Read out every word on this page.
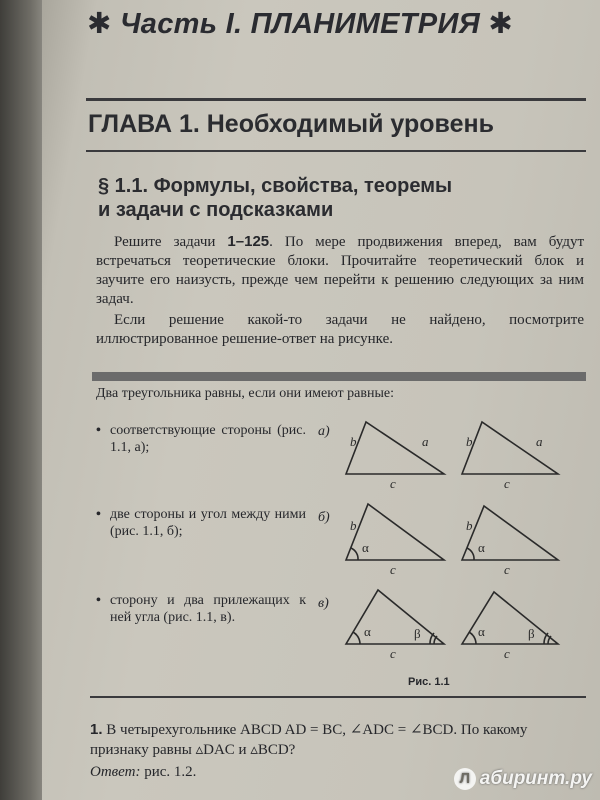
✱ Часть I. ПЛАНИМЕТРИЯ ✱
ГЛАВА 1. Необходимый уровень
§ 1.1. Формулы, свойства, теоремы
и задачи с подсказками
Решите задачи 1–125. По мере продвижения вперед, вам будут встречаться теоретические блоки. Прочитайте теоретический блок и заучите его наизусть, прежде чем перейти к решению следующих за ним задач.
Если решение какой-то задачи не найдено, посмотрите иллюстрированное решение-ответ на рисунке.
Два треугольника равны, если они имеют равные:
• соответствующие стороны (рис. 1.1, а);
• две стороны и угол между ними (рис. 1.1, б);
• сторону и два прилежащих к ней угла (рис. 1.1, в).
а)
б)
в)
b	a
c
b	a
c
b
c
b
c
c	c
α	α
α	α
β	β
Рис. 1.1
1. В четырехугольнике ABCD AD = BC, ∠ADC = ∠BCD. По какому признаку равны ▵DAC и ▵BCD?
Ответ: рис. 1.2.	Л абиринт.ру
